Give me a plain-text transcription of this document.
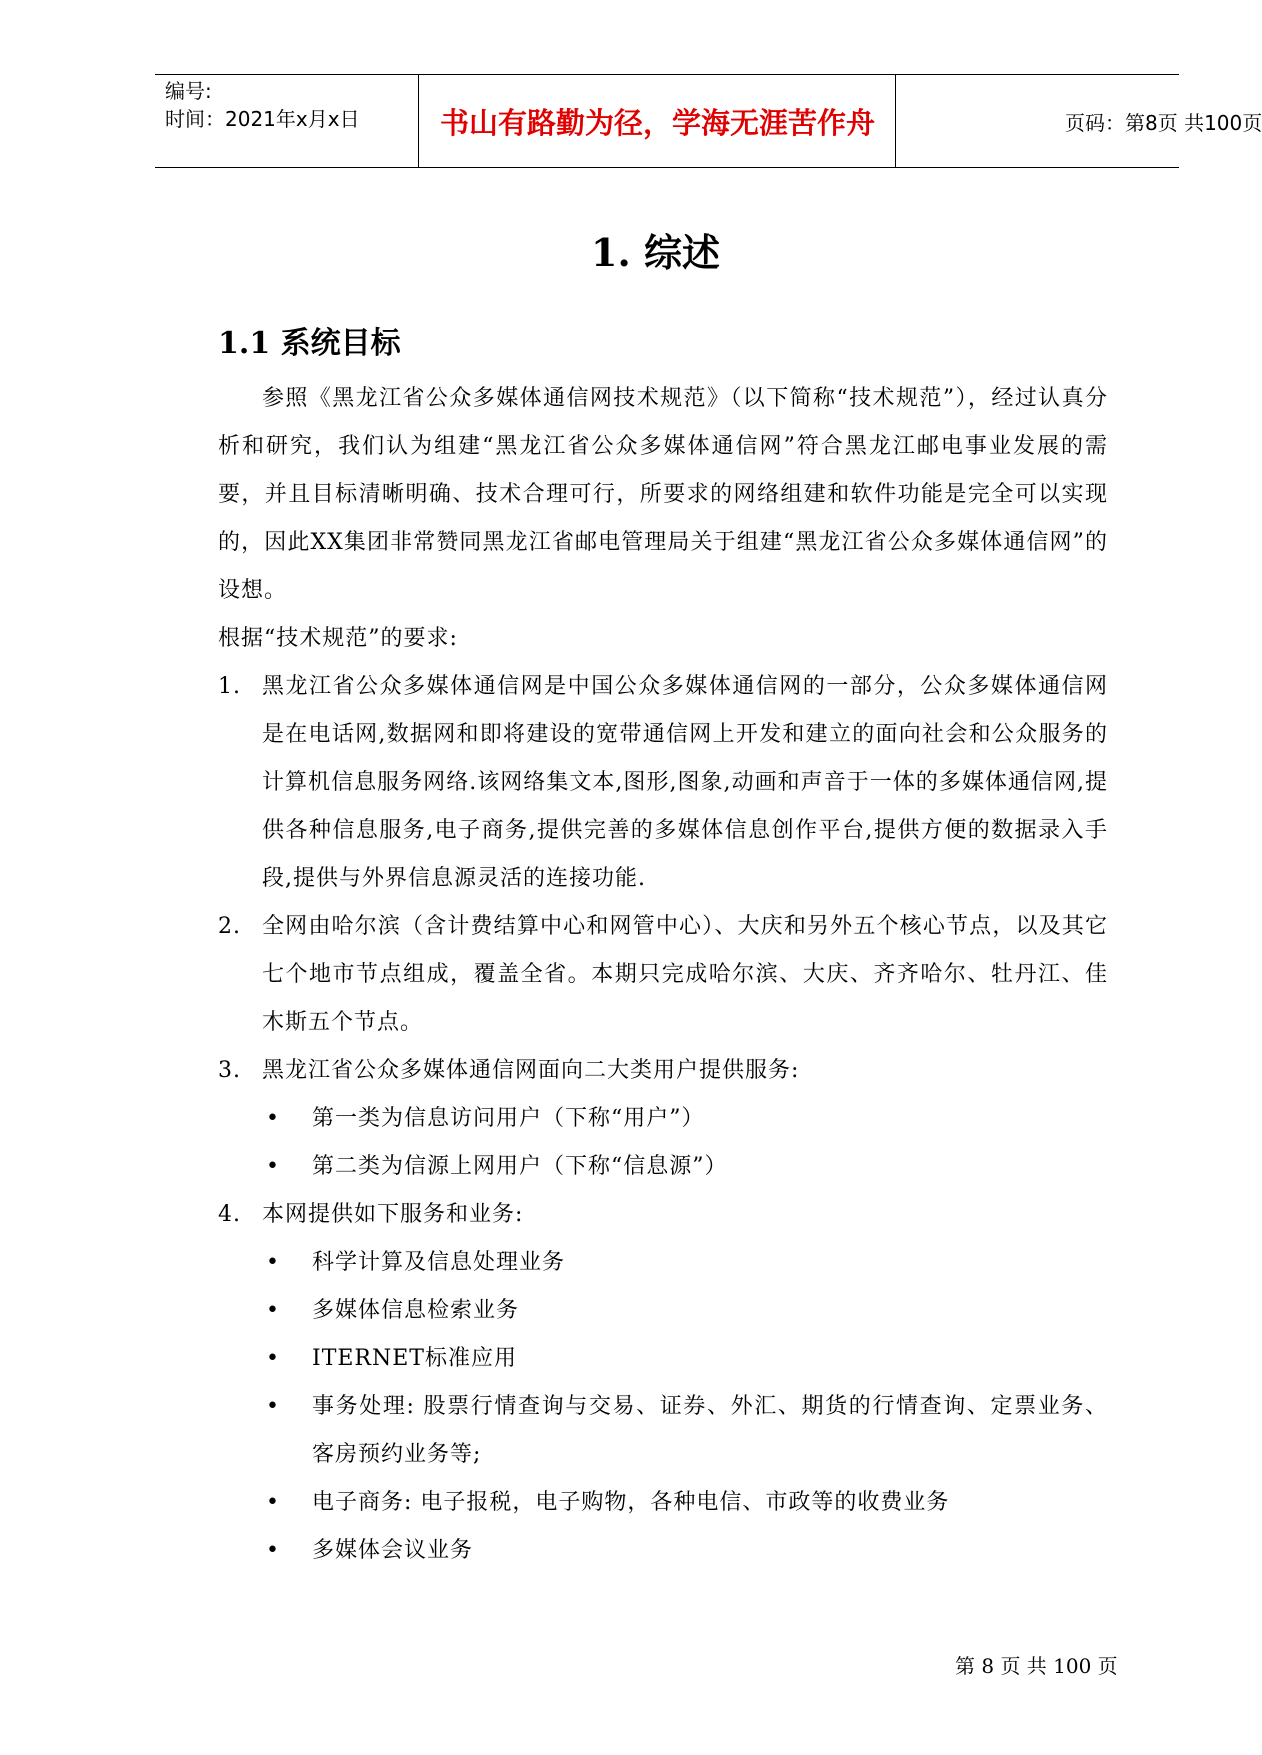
编号:
时间：2021年x月x日	书山有路勤为径，学海无涯苦作舟	页码：第8页 共100页
1. 综述
1.1 系统目标
参照《黑龙江省公众多媒体通信网技术规范》（以下简称“技术规范”），经过认真分析和研究，我们认为组建“黑龙江省公众多媒体通信网”符合黑龙江邮电事业发展的需要，并且目标清晰明确、技术合理可行，所要求的网络组建和软件功能是完全可以实现的，因此XX集团非常赞同黑龙江省邮电管理局关于组建“黑龙江省公众多媒体通信网”的设想。
根据“技术规范”的要求:
1. 黑龙江省公众多媒体通信网是中国公众多媒体通信网的一部分，公众多媒体通信网是在电话网,数据网和即将建设的宽带通信网上开发和建立的面向社会和公众服务的计算机信息服务网络.该网络集文本,图形,图象,动画和声音于一体的多媒体通信网,提供各种信息服务,电子商务,提供完善的多媒体信息创作平台,提供方便的数据录入手段,提供与外界信息源灵活的连接功能.
2. 全网由哈尔滨（含计费结算中心和网管中心）、大庆和另外五个核心节点，以及其它七个地市节点组成，覆盖全省。本期只完成哈尔滨、大庆、齐齐哈尔、牡丹江、佳木斯五个节点。
3. 黑龙江省公众多媒体通信网面向二大类用户提供服务:
• 第一类为信息访问用户（下称“用户”）
• 第二类为信源上网用户（下称“信息源”）
4. 本网提供如下服务和业务:
• 科学计算及信息处理业务
• 多媒体信息检索业务
• ITERNET标准应用
• 事务处理: 股票行情查询与交易、证券、外汇、期货的行情查询、定票业务、客房预约业务等;
• 电子商务: 电子报税，电子购物，各种电信、市政等的收费业务
• 多媒体会议业务
第 8 页 共 100 页
